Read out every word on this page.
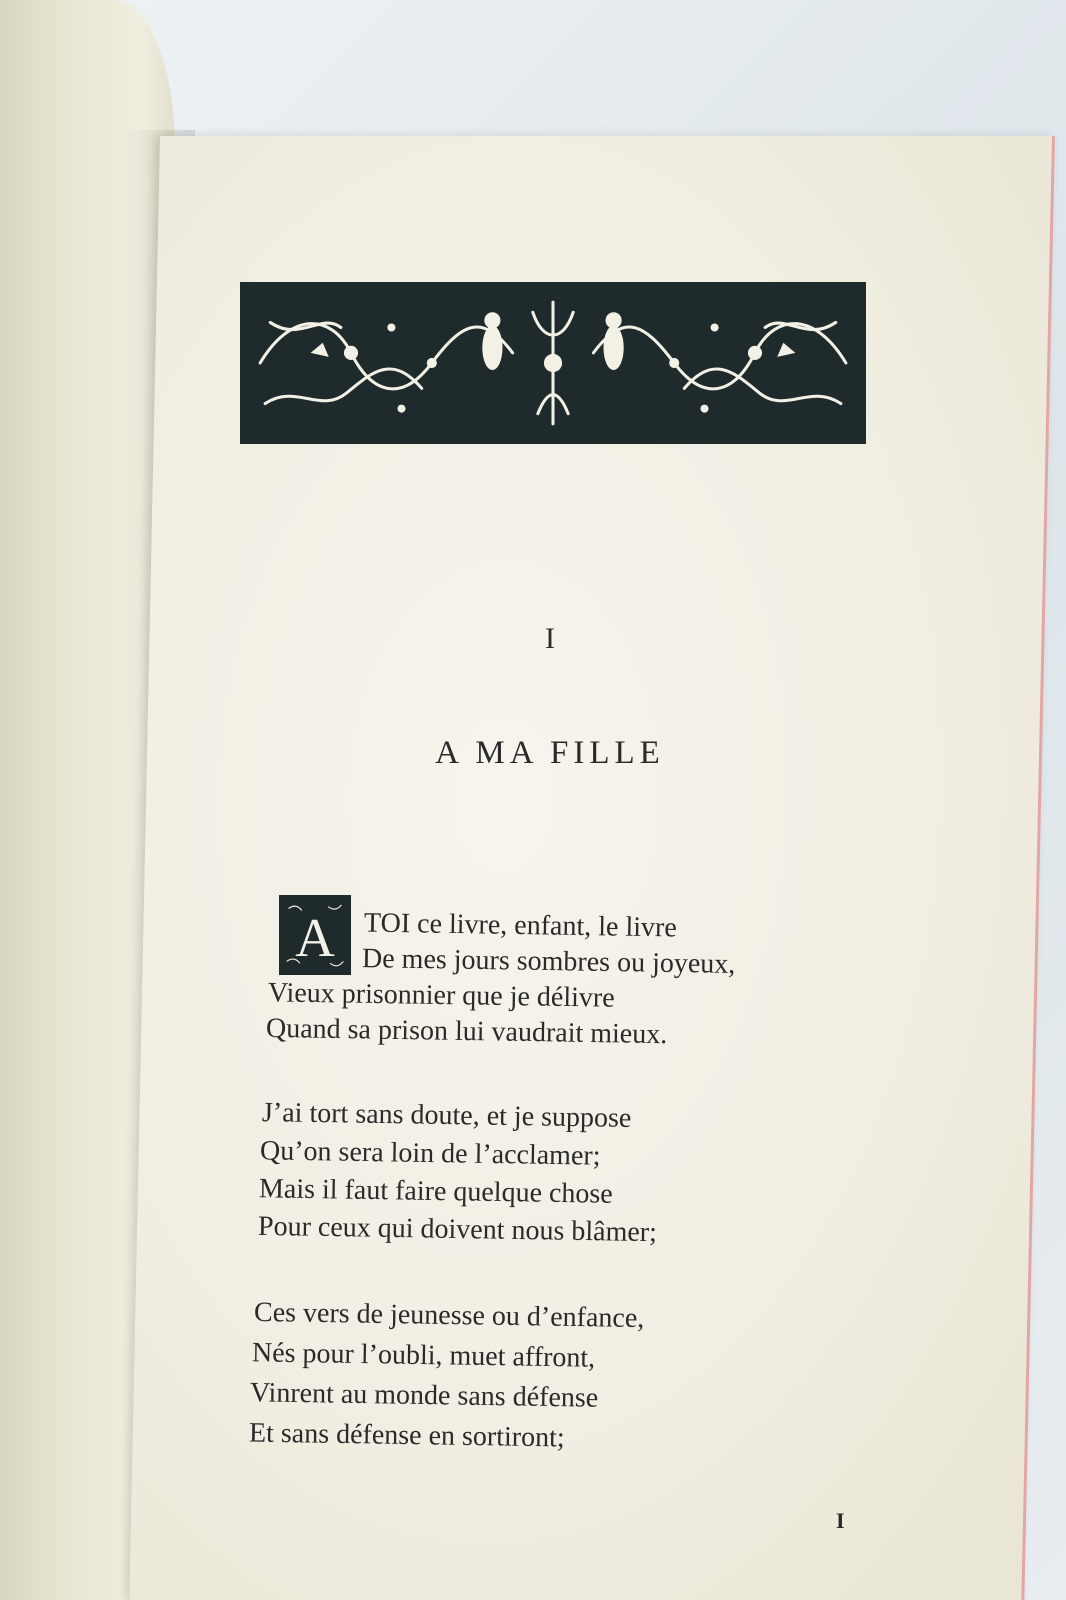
I
A MA FILLE
A TOI ce livre, enfant, le livre
De mes jours sombres ou joyeux,
Vieux prisonnier que je délivre
Quand sa prison lui vaudrait mieux.
J’ai tort sans doute, et je suppose
Qu’on sera loin de l’acclamer;
Mais il faut faire quelque chose
Pour ceux qui doivent nous blâmer;
Ces vers de jeunesse ou d’enfance,
Nés pour l’oubli, muet affront,
Vinrent au monde sans défense
Et sans défense en sortiront;
I
